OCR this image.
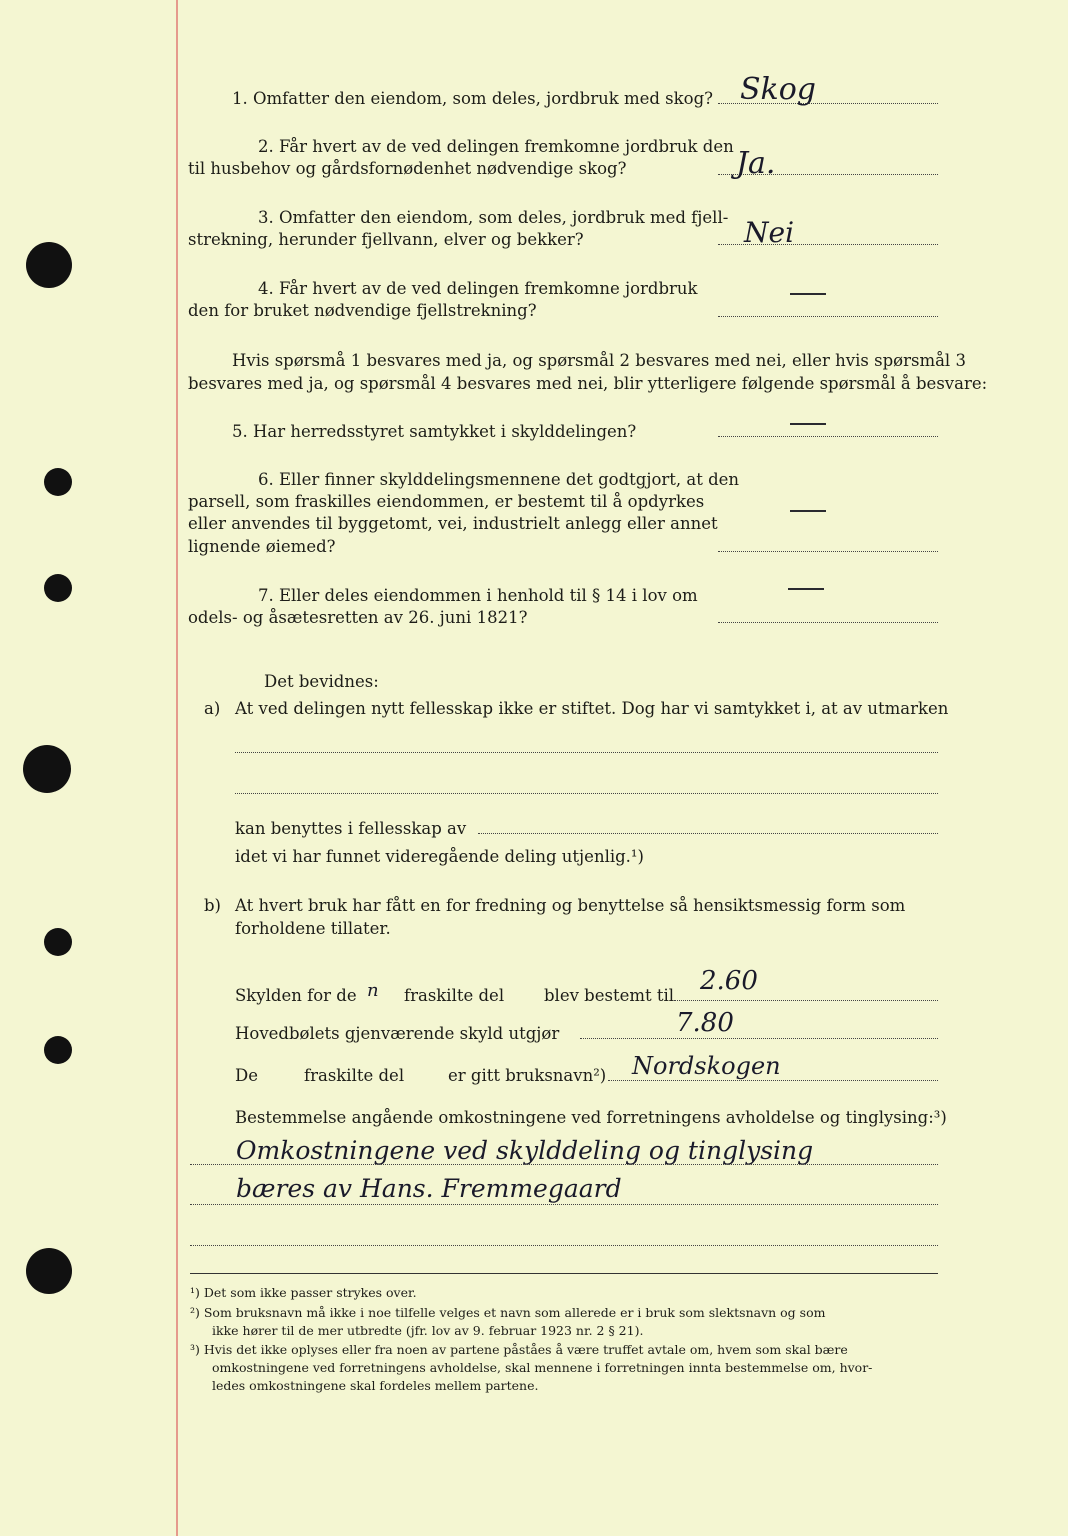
1. Omfatter den eiendom, som deles, jordbruk med skog? Skog
2. Får hvert av de ved delingen fremkomne jordbruk den
til husbehov og gårdsfornødenhet nødvendige skog?	Ja.
3. Omfatter den eiendom, som deles, jordbruk med fjell-
strekning, herunder fjellvann, elver og bekker?	Nei
4. Får hvert av de ved delingen fremkomne jordbruk
den for bruket nødvendige fjellstrekning?
Hvis spørsmå 1 besvares med ja, og spørsmål 2 besvares med nei, eller hvis spørsmål 3
besvares med ja, og spørsmål 4 besvares med nei, blir ytterligere følgende spørsmål å besvare:
5. Har herredsstyret samtykket i skylddelingen?
6. Eller finner skylddelingsmennene det godtgjort, at den
parsell, som fraskilles eiendommen, er bestemt til å opdyrkes
eller anvendes til byggetomt, vei, industrielt anlegg eller annet
lignende øiemed?
7. Eller deles eiendommen i henhold til § 14 i lov om
odels- og åsætesretten av 26. juni 1821?
Det bevidnes:
a) At ved delingen nytt fellesskap ikke er stiftet. Dog har vi samtykket i, at av utmarken
kan benyttes i fellesskap av
idet vi har funnet videregående deling utjenlig.¹)
b) At hvert bruk har fått en for fredning og benyttelse så hensiktsmessig form som
forholdene tillater.
Skylden for de n fraskilte del blev bestemt til 2.60
Hovedbølets gjenværende skyld utgjør	7.80
De	fraskilte del	er gitt bruksnavn²) Nordskogen
Bestemmelse angående omkostningene ved forretningens avholdelse og tinglysing:³)
Omkostningene ved skylddeling og tinglysing
bæres av Hans. Fremmegaard
¹) Det som ikke passer strykes over.
²) Som bruksnavn må ikke i noe tilfelle velges et navn som allerede er i bruk som slektsnavn og som
ikke hører til de mer utbredte (jfr. lov av 9. februar 1923 nr. 2 § 21).
³) Hvis det ikke oplyses eller fra noen av partene påståes å være truffet avtale om, hvem som skal bære
omkostningene ved forretningens avholdelse, skal mennene i forretningen innta bestemmelse om, hvor-
ledes omkostningene skal fordeles mellem partene.
